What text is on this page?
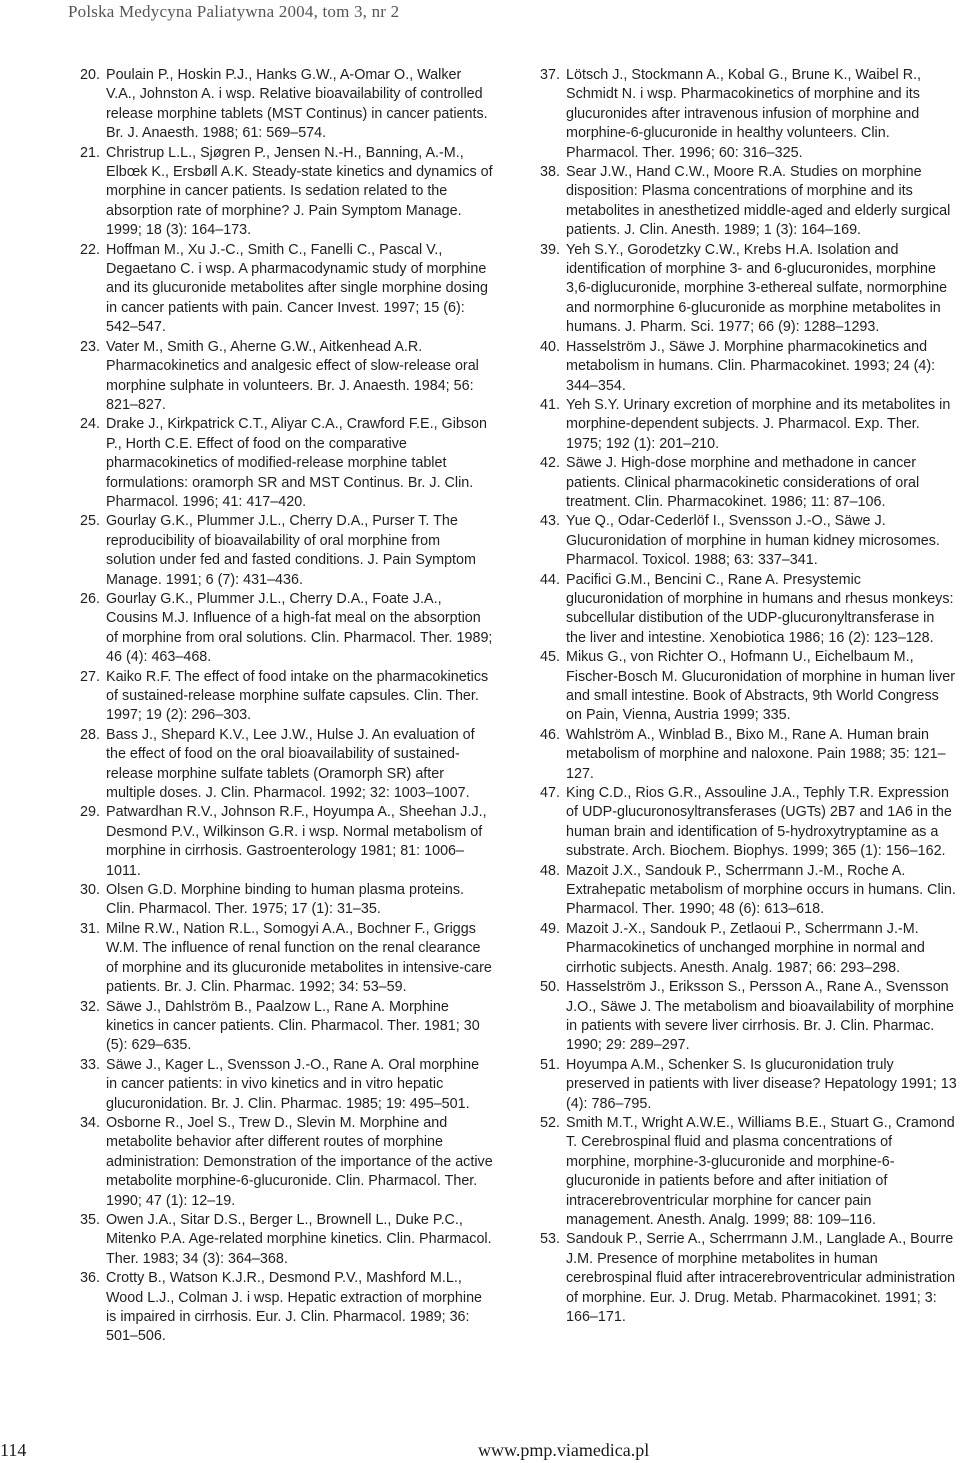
Polska Medycyna Paliatywna 2004, tom 3, nr 2
20. Poulain P., Hoskin P.J., Hanks G.W., A-Omar O., Walker V.A., Johnston A. i wsp. Relative bioavailability of controlled release morphine tablets (MST Continus) in cancer patients. Br. J. Anaesth. 1988; 61: 569–574.
21. Christrup L.L., Sjøgren P., Jensen N.-H., Banning, A.-M., Elbœk K., Ersbøll A.K. Steady-state kinetics and dynamics of morphine in cancer patients. Is sedation related to the absorption rate of morphine? J. Pain Symptom Manage. 1999; 18 (3): 164–173.
22. Hoffman M., Xu J.-C., Smith C., Fanelli C., Pascal V., Degaetano C. i wsp. A pharmacodynamic study of morphine and its glucuronide metabolites after single morphine dosing in cancer patients with pain. Cancer Invest. 1997; 15 (6): 542–547.
23. Vater M., Smith G., Aherne G.W., Aitkenhead A.R. Pharmacokinetics and analgesic effect of slow-release oral morphine sulphate in volunteers. Br. J. Anaesth. 1984; 56: 821–827.
24. Drake J., Kirkpatrick C.T., Aliyar C.A., Crawford F.E., Gibson P., Horth C.E. Effect of food on the comparative pharmacokinetics of modified-release morphine tablet formulations: oramorph SR and MST Continus. Br. J. Clin. Pharmacol. 1996; 41: 417–420.
25. Gourlay G.K., Plummer J.L., Cherry D.A., Purser T. The reproducibility of bioavailability of oral morphine from solution under fed and fasted conditions. J. Pain Symptom Manage. 1991; 6 (7): 431–436.
26. Gourlay G.K., Plummer J.L., Cherry D.A., Foate J.A., Cousins M.J. Influence of a high-fat meal on the absorption of morphine from oral solutions. Clin. Pharmacol. Ther. 1989; 46 (4): 463–468.
27. Kaiko R.F. The effect of food intake on the pharmacokinetics of sustained-release morphine sulfate capsules. Clin. Ther. 1997; 19 (2): 296–303.
28. Bass J., Shepard K.V., Lee J.W., Hulse J. An evaluation of the effect of food on the oral bioavailability of sustained-release morphine sulfate tablets (Oramorph SR) after multiple doses. J. Clin. Pharmacol. 1992; 32: 1003–1007.
29. Patwardhan R.V., Johnson R.F., Hoyumpa A., Sheehan J.J., Desmond P.V., Wilkinson G.R. i wsp. Normal metabolism of morphine in cirrhosis. Gastroenterology 1981; 81: 1006–1011.
30. Olsen G.D. Morphine binding to human plasma proteins. Clin. Pharmacol. Ther. 1975; 17 (1): 31–35.
31. Milne R.W., Nation R.L., Somogyi A.A., Bochner F., Griggs W.M. The influence of renal function on the renal clearance of morphine and its glucuronide metabolites in intensive-care patients. Br. J. Clin. Pharmac. 1992; 34: 53–59.
32. Säwe J., Dahlström B., Paalzow L., Rane A. Morphine kinetics in cancer patients. Clin. Pharmacol. Ther. 1981; 30 (5): 629–635.
33. Säwe J., Kager L., Svensson J.-O., Rane A. Oral morphine in cancer patients: in vivo kinetics and in vitro hepatic glucuronidation. Br. J. Clin. Pharmac. 1985; 19: 495–501.
34. Osborne R., Joel S., Trew D., Slevin M. Morphine and metabolite behavior after different routes of morphine administration: Demonstration of the importance of the active metabolite morphine-6-glucuronide. Clin. Pharmacol. Ther. 1990; 47 (1): 12–19.
35. Owen J.A., Sitar D.S., Berger L., Brownell L., Duke P.C., Mitenko P.A. Age-related morphine kinetics. Clin. Pharmacol. Ther. 1983; 34 (3): 364–368.
36. Crotty B., Watson K.J.R., Desmond P.V., Mashford M.L., Wood L.J., Colman J. i wsp. Hepatic extraction of morphine is impaired in cirrhosis. Eur. J. Clin. Pharmacol. 1989; 36: 501–506.
37. Lötsch J., Stockmann A., Kobal G., Brune K., Waibel R., Schmidt N. i wsp. Pharmacokinetics of morphine and its glucuronides after intravenous infusion of morphine and morphine-6-glucuronide in healthy volunteers. Clin. Pharmacol. Ther. 1996; 60: 316–325.
38. Sear J.W., Hand C.W., Moore R.A. Studies on morphine disposition: Plasma concentrations of morphine and its metabolites in anesthetized middle-aged and elderly surgical patients. J. Clin. Anesth. 1989; 1 (3): 164–169.
39. Yeh S.Y., Gorodetzky C.W., Krebs H.A. Isolation and identification of morphine 3- and 6-glucuronides, morphine 3,6-diglucuronide, morphine 3-ethereal sulfate, normorphine and normorphine 6-glucuronide as morphine metabolites in humans. J. Pharm. Sci. 1977; 66 (9): 1288–1293.
40. Hasselström J., Säwe J. Morphine pharmacokinetics and metabolism in humans. Clin. Pharmacokinet. 1993; 24 (4): 344–354.
41. Yeh S.Y. Urinary excretion of morphine and its metabolites in morphine-dependent subjects. J. Pharmacol. Exp. Ther. 1975; 192 (1): 201–210.
42. Säwe J. High-dose morphine and methadone in cancer patients. Clinical pharmacokinetic considerations of oral treatment. Clin. Pharmacokinet. 1986; 11: 87–106.
43. Yue Q., Odar-Cederlöf I., Svensson J.-O., Säwe J. Glucuronidation of morphine in human kidney microsomes. Pharmacol. Toxicol. 1988; 63: 337–341.
44. Pacifici G.M., Bencini C., Rane A. Presystemic glucuronidation of morphine in humans and rhesus monkeys: subcellular distibution of the UDP-glucuronyltransferase in the liver and intestine. Xenobiotica 1986; 16 (2): 123–128.
45. Mikus G., von Richter O., Hofmann U., Eichelbaum M., Fischer-Bosch M. Glucuronidation of morphine in human liver and small intestine. Book of Abstracts, 9th World Congress on Pain, Vienna, Austria 1999; 335.
46. Wahlström A., Winblad B., Bixo M., Rane A. Human brain metabolism of morphine and naloxone. Pain 1988; 35: 121–127.
47. King C.D., Rios G.R., Assouline J.A., Tephly T.R. Expression of UDP-glucuronosyltransferases (UGTs) 2B7 and 1A6 in the human brain and identification of 5-hydroxytryptamine as a substrate. Arch. Biochem. Biophys. 1999; 365 (1): 156–162.
48. Mazoit J.X., Sandouk P., Scherrmann J.-M., Roche A. Extrahepatic metabolism of morphine occurs in humans. Clin. Pharmacol. Ther. 1990; 48 (6): 613–618.
49. Mazoit J.-X., Sandouk P., Zetlaoui P., Scherrmann J.-M. Pharmacokinetics of unchanged morphine in normal and cirrhotic subjects. Anesth. Analg. 1987; 66: 293–298.
50. Hasselström J., Eriksson S., Persson A., Rane A., Svensson J.O., Säwe J. The metabolism and bioavailability of morphine in patients with severe liver cirrhosis. Br. J. Clin. Pharmac. 1990; 29: 289–297.
51. Hoyumpa A.M., Schenker S. Is glucuronidation truly preserved in patients with liver disease? Hepatology 1991; 13 (4): 786–795.
52. Smith M.T., Wright A.W.E., Williams B.E., Stuart G., Cramond T. Cerebrospinal fluid and plasma concentrations of morphine, morphine-3-glucuronide and morphine-6-glucuronide in patients before and after initiation of intracerebroventricular morphine for cancer pain management. Anesth. Analg. 1999; 88: 109–116.
53. Sandouk P., Serrie A., Scherrmann J.M., Langlade A., Bourre J.M. Presence of morphine metabolites in human cerebrospinal fluid after intracerebroventricular administration of morphine. Eur. J. Drug. Metab. Pharmacokinet. 1991; 3: 166–171.
114	www.pmp.viamedica.pl
